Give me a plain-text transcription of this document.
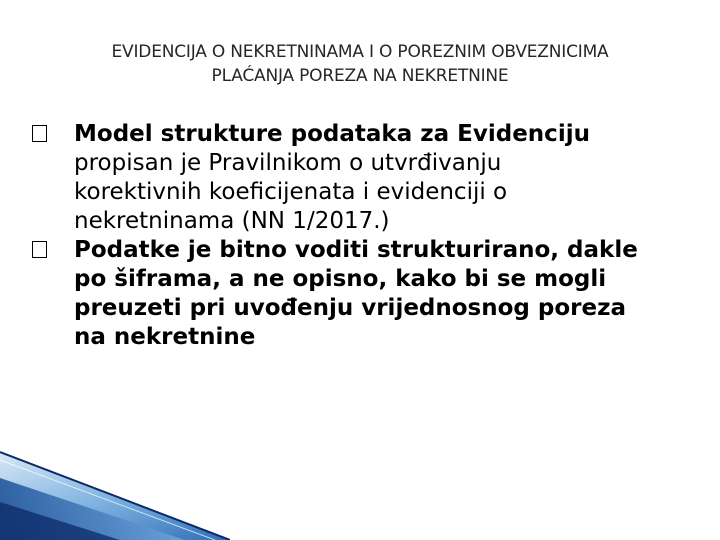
EVIDENCIJA O NEKRETNINAMA I O POREZNIM OBVEZNICIMA
PLAĆANJA POREZA NA NEKRETNINE
Model strukture podataka za Evidenciju
propisan je Pravilnikom o utvrđivanju
korektivnih koeficijenata i evidenciji o
nekretninama (NN 1/2017.)
Podatke je bitno voditi strukturirano, dakle
po šiframa, a ne opisno, kako bi se mogli
preuzeti pri uvođenju vrijednosnog poreza
na nekretnine
